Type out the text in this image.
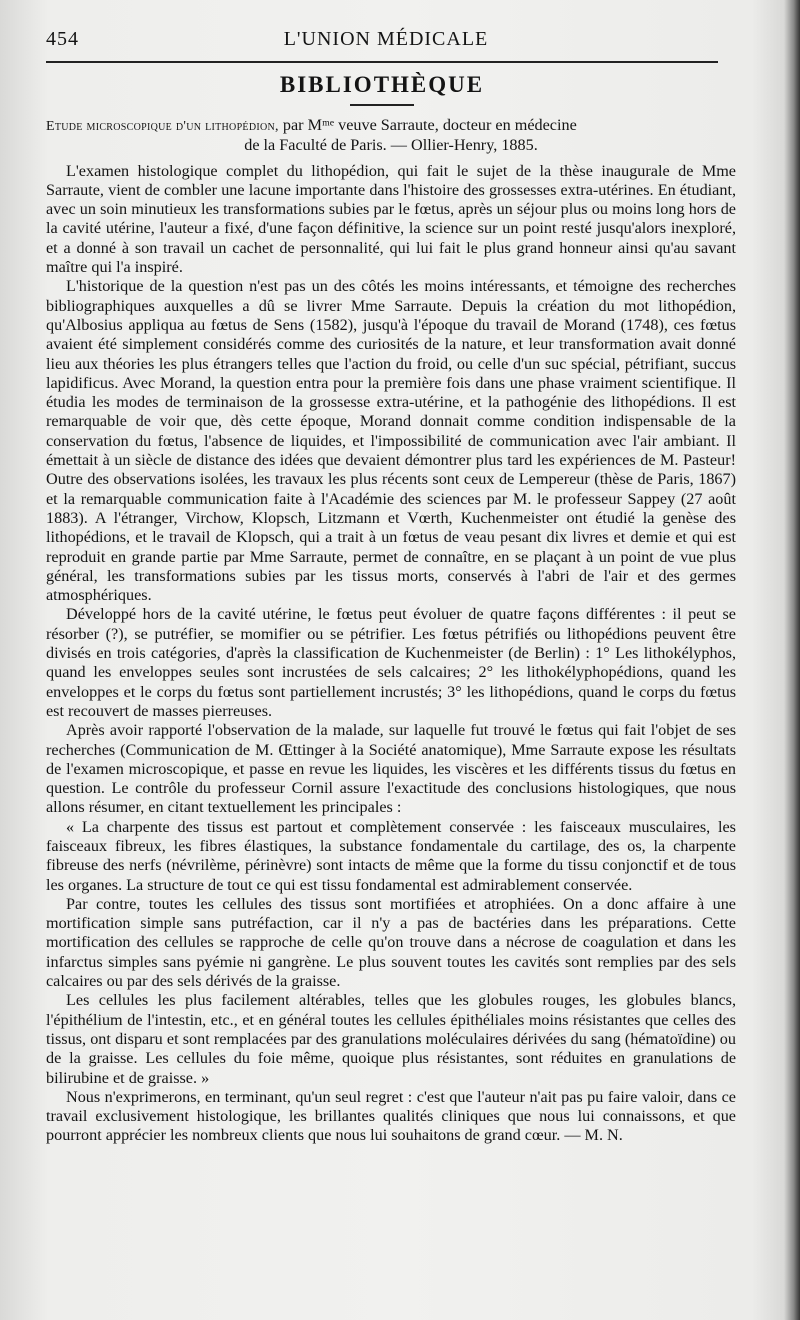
454	L'UNION MÉDICALE
BIBLIOTHÈQUE
Etude microscopique d'un lithopédion, par Mᵐᵉ veuve Sarraute, docteur en médecine
de la Faculté de Paris. — Ollier-Henry, 1885.

L'examen histologique complet du lithopédion, qui fait le sujet de la thèse inaugurale de Mme Sarraute, vient de combler une lacune importante dans l'histoire des grossesses extra-utérines. En étudiant, avec un soin minutieux les transformations subies par le fœtus, après un séjour plus ou moins long hors de la cavité utérine, l'auteur a fixé, d'une façon définitive, la science sur un point resté jusqu'alors inexploré, et a donné à son travail un cachet de personnalité, qui lui fait le plus grand honneur ainsi qu'au savant maître qui l'a inspiré.

L'historique de la question n'est pas un des côtés les moins intéressants, et témoigne des recherches bibliographiques auxquelles a dû se livrer Mme Sarraute. Depuis la création du mot lithopédion, qu'Albosius appliqua au fœtus de Sens (1582), jusqu'à l'époque du travail de Morand (1748), ces fœtus avaient été simplement considérés comme des curiosités de la nature, et leur transformation avait donné lieu aux théories les plus étrangers telles que l'action du froid, ou celle d'un suc spécial, pétrifiant, succus lapidificus. Avec Morand, la question entra pour la première fois dans une phase vraiment scientifique. Il étudia les modes de terminaison de la grossesse extra-utérine, et la pathogénie des lithopédions. Il est remarquable de voir que, dès cette époque, Morand donnait comme condition indispensable de la conservation du fœtus, l'absence de liquides, et l'impossibilité de communication avec l'air ambiant. Il émettait à un siècle de distance des idées que devaient démontrer plus tard les expériences de M. Pasteur! Outre des observations isolées, les travaux les plus récents sont ceux de Lempereur (thèse de Paris, 1867) et la remarquable communication faite à l'Académie des sciences par M. le professeur Sappey (27 août 1883). A l'étranger, Virchow, Klopsch, Litzmann et Vœrth, Kuchenmeister ont étudié la genèse des lithopédions, et le travail de Klopsch, qui a trait à un fœtus de veau pesant dix livres et demie et qui est reproduit en grande partie par Mme Sarraute, permet de connaître, en se plaçant à un point de vue plus général, les transformations subies par les tissus morts, conservés à l'abri de l'air et des germes atmosphériques.

Développé hors de la cavité utérine, le fœtus peut évoluer de quatre façons différentes : il peut se résorber (?), se putréfier, se momifier ou se pétrifier. Les fœtus pétrifiés ou lithopédions peuvent être divisés en trois catégories, d'après la classification de Kuchenmeister (de Berlin) : 1° Les lithokélyphos, quand les enveloppes seules sont incrustées de sels calcaires; 2° les lithokélyphopédions, quand les enveloppes et le corps du fœtus sont partiellement incrustés; 3° les lithopédions, quand le corps du fœtus est recouvert de masses pierreuses.

Après avoir rapporté l'observation de la malade, sur laquelle fut trouvé le fœtus qui fait l'objet de ses recherches (Communication de M. Œttinger à la Société anatomique), Mme Sarraute expose les résultats de l'examen microscopique, et passe en revue les liquides, les viscères et les différents tissus du fœtus en question. Le contrôle du professeur Cornil assure l'exactitude des conclusions histologiques, que nous allons résumer, en citant textuellement les principales :

« La charpente des tissus est partout et complètement conservée : les faisceaux musculaires, les faisceaux fibreux, les fibres élastiques, la substance fondamentale du cartilage, des os, la charpente fibreuse des nerfs (névrilème, périnèvre) sont intacts de même que la forme du tissu conjonctif et de tous les organes. La structure de tout ce qui est tissu fondamental est admirablement conservée.

Par contre, toutes les cellules des tissus sont mortifiées et atrophiées. On a donc affaire à une mortification simple sans putréfaction, car il n'y a pas de bactéries dans les préparations. Cette mortification des cellules se rapproche de celle qu'on trouve dans a nécrose de coagulation et dans les infarctus simples sans pyémie ni gangrène. Le plus souvent toutes les cavités sont remplies par des sels calcaires ou par des sels dérivés de la graisse.

Les cellules les plus facilement altérables, telles que les globules rouges, les globules blancs, l'épithélium de l'intestin, etc., et en général toutes les cellules épithéliales moins résistantes que celles des tissus, ont disparu et sont remplacées par des granulations moléculaires dérivées du sang (hématoïdine) ou de la graisse. Les cellules du foie même, quoique plus résistantes, sont réduites en granulations de bilirubine et de graisse. »

Nous n'exprimerons, en terminant, qu'un seul regret : c'est que l'auteur n'ait pas pu faire valoir, dans ce travail exclusivement histologique, les brillantes qualités cliniques que nous lui connaissons, et que pourront apprécier les nombreux clients que nous lui souhaitons de grand cœur. — M. N.
